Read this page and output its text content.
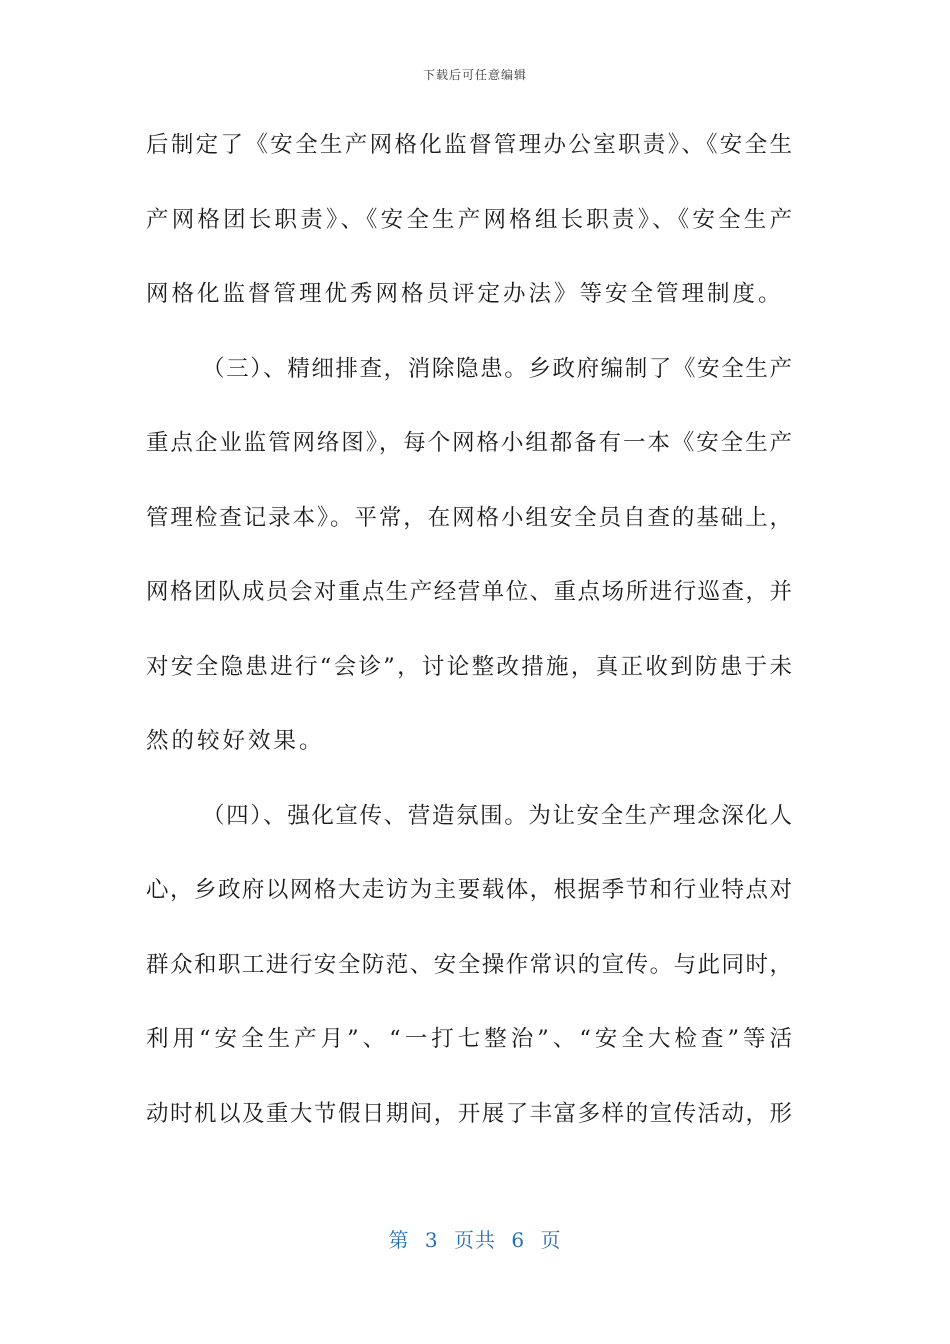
下载后可任意编辑
后制定了《安全生产网格化监督管理办公室职责》、《安全生
产网格团长职责》、《安全生产网格组长职责》、《安全生产
网格化监督管理优秀网格员评定办法》等安全管理制度。
（三）、精细排查，消除隐患。乡政府编制了《安全生产
重点企业监管网络图》，每个网格小组都备有一本《安全生产
管理检查记录本》。平常，在网格小组安全员自查的基础上，
网格团队成员会对重点生产经营单位、重点场所进行巡查，并
对安全隐患进行“会诊”，讨论整改措施，真正收到防患于未
然的较好效果。
（四）、强化宣传、营造氛围。为让安全生产理念深化人
心，乡政府以网格大走访为主要载体，根据季节和行业特点对
群众和职工进行安全防范、安全操作常识的宣传。与此同时，
利用“安全生产月”、“一打七整治”、“安全大检查”等活
动时机以及重大节假日期间，开展了丰富多样的宣传活动，形
第 3 页共 6 页
